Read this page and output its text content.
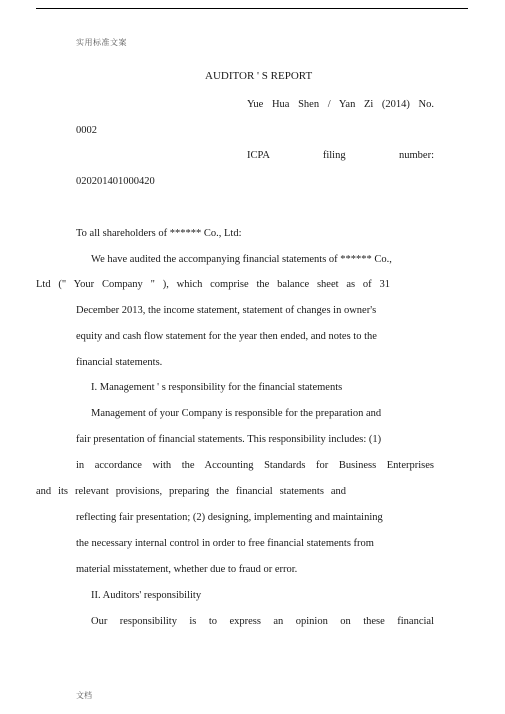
实用标准文案
AUDITOR ' S REPORT
Yue Hua Shen / Yan Zi (2014) No.
0002
ICPA filing number:
020201401000420
To all shareholders of ****** Co., Ltd:
We have audited the accompanying financial statements of ****** Co.,
Ltd (" Your Company " ), which comprise the balance sheet as of 31
December 2013, the income statement, statement of changes in owner's
equity and cash flow statement for the year then ended, and notes to the
financial statements.
I. Management ' s responsibility for the financial statements
Management of your Company is responsible for the preparation and
fair presentation of financial statements. This responsibility includes: (1)
in accordance with the Accounting Standards for Business Enterprises
and its relevant provisions, preparing the financial statements and
reflecting fair presentation; (2) designing, implementing and maintaining
the necessary internal control in order to free financial statements from
material misstatement, whether due to fraud or error.
II. Auditors' responsibility
Our responsibility is to express an opinion on these financial
文档
